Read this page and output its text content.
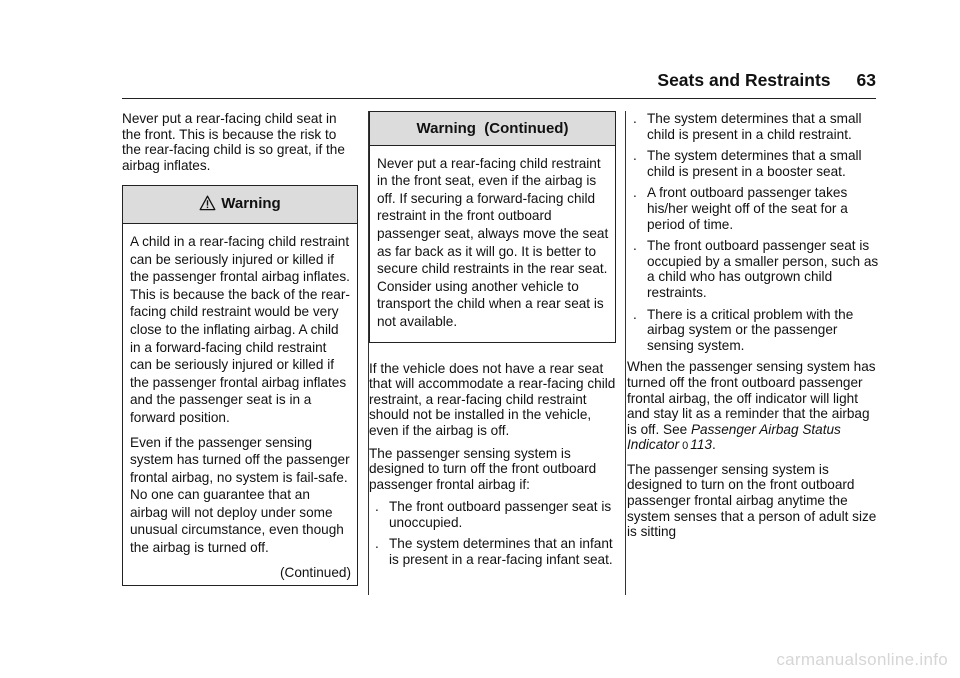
Seats and Restraints 63

Never put a rear-facing child seat in the front. This is because the risk to the rear-facing child is so great, if the airbag inflates.

Warning

A child in a rear-facing child restraint can be seriously injured or killed if the passenger frontal airbag inflates. This is because the back of the rear-facing child restraint would be very close to the inflating airbag. A child in a forward-facing child restraint can be seriously injured or killed if the passenger frontal airbag inflates and the passenger seat is in a forward position.

Even if the passenger sensing system has turned off the passenger frontal airbag, no system is fail-safe. No one can guarantee that an airbag will not deploy under some unusual circumstance, even though the airbag is turned off.

(Continued)
Warning  (Continued)

Never put a rear-facing child restraint in the front seat, even if the airbag is off. If securing a forward-facing child restraint in the front outboard passenger seat, always move the seat as far back as it will go. It is better to secure child restraints in the rear seat. Consider using another vehicle to transport the child when a rear seat is not available.

If the vehicle does not have a rear seat that will accommodate a rear-facing child restraint, a rear-facing child restraint should not be installed in the vehicle, even if the airbag is off.

The passenger sensing system is designed to turn off the front outboard passenger frontal airbag if:

. The front outboard passenger seat is unoccupied.
. The system determines that an infant is present in a rear-facing infant seat.
. The system determines that a small child is present in a child restraint.
. The system determines that a small child is present in a booster seat.
. A front outboard passenger takes his/her weight off of the seat for a period of time.
. The front outboard passenger seat is occupied by a smaller person, such as a child who has outgrown child restraints.
. There is a critical problem with the airbag system or the passenger sensing system.

When the passenger sensing system has turned off the front outboard passenger frontal airbag, the off indicator will light and stay lit as a reminder that the airbag is off. See Passenger Airbag Status Indicator 0 113.

The passenger sensing system is designed to turn on the front outboard passenger frontal airbag anytime the system senses that a person of adult size is sitting

carmanualsonline.info
